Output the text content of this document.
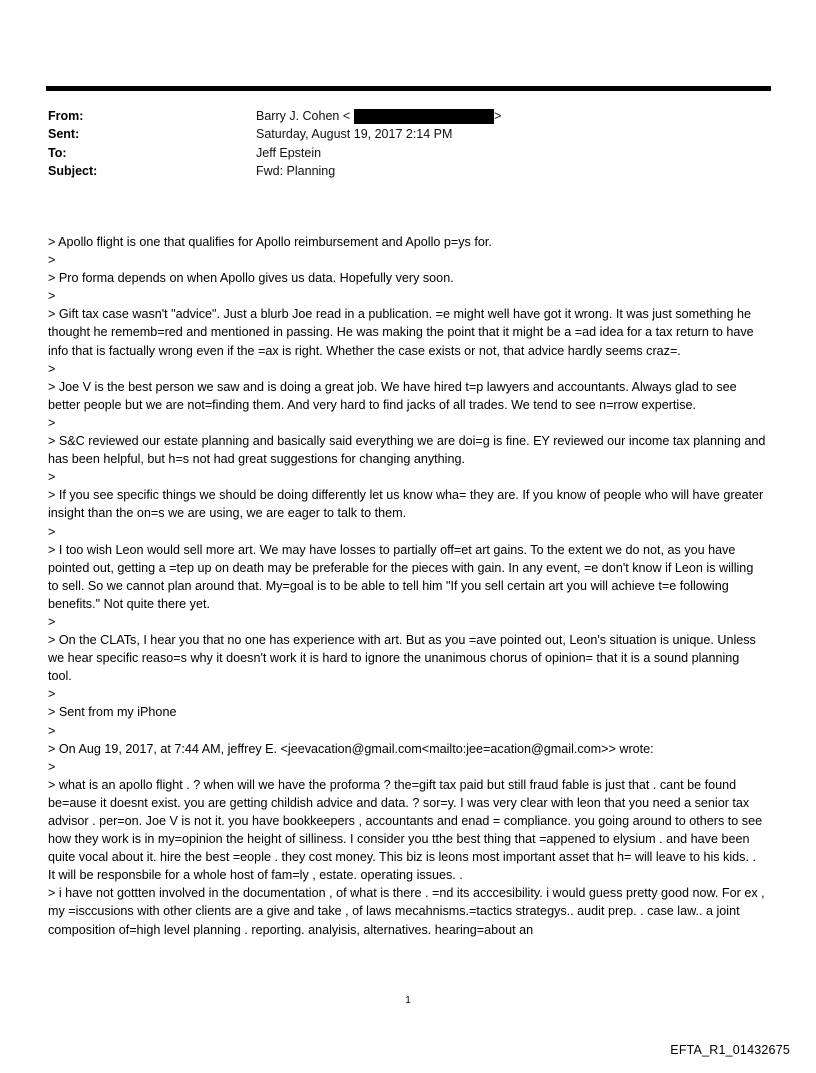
From:	Barry J. Cohen
<	>
Sent:	Saturday, August 19, 2017 2:14 PM
To:	Jeff Epstein
Subject:	Fwd: Planning

> Apollo flight is one that qualifies for Apollo reimbursement and Apollo p=ys for.

>

> Pro forma depends on when Apollo gives us data. Hopefully very soon.

>

> Gift tax case wasn't "advice". Just a blurb Joe read in a publication. =e might well have got it wrong. It was just something he thought he rememb=red and mentioned in passing. He was making the point that it might be a =ad idea for a tax return to have info that is factually wrong even if the =ax is right. Whether the case exists or not, that advice hardly seems craz=.

>

> Joe V is the best person we saw and is doing a great job. We have hired t=p lawyers and accountants. Always glad to see better people but we are not=finding them. And very hard to find jacks of all trades. We tend to see n=rrow expertise.

>

> S&C reviewed our estate planning and basically said everything we are doi=g is fine. EY reviewed our income tax planning and has been helpful, but h=s not had great suggestions for changing anything.

>

> If you see specific things we should be doing differently let us know wha= they are. If you know of people who will have greater insight than the on=s we are using, we are eager to talk to them.

>

> I too wish Leon would sell more art. We may have losses to partially off=et art gains. To the extent we do not, as you have pointed out, getting a =tep up on death may be preferable for the pieces with gain. In any event, =e don't know if Leon is willing to sell. So we cannot plan around that. My=goal is to be able to tell him "If you sell certain art you will achieve t=e following benefits." Not quite there yet.

>

> On the CLATs, I hear you that no one has experience with art. But as you =ave pointed out, Leon's situation is unique. Unless we hear specific reaso=s why it doesn't work it is hard to ignore the unanimous chorus of opinion= that it is a sound planning tool.

>

> Sent from my iPhone

>

> On Aug 19, 2017, at 7:44 AM, jeffrey E. <jeevacation@gmail.com<mailto:jee=acation@gmail.com>> wrote:

>

> what is an apollo flight . ? when will we have the proforma ? the=gift tax paid but still fraud fable is just that . cant be found be=ause it doesnt exist. you are getting childish advice and data. ? sor=y. I was very clear with leon that you need a senior tax advisor . per=on. Joe V is not it. you have bookkeepers , accountants and enad = compliance. you going around to others to see how they work is in my=opinion the height of silliness. I consider you tthe best thing that =appened to elysium . and have been quite vocal about it. hire the best =eople . they cost money. This biz is leons most important asset that h= will leave to his kids. . It will be responsbile for a whole host of fam=ly , estate. operating issues. .

> i have not gottten involved in the documentation , of what is there . =nd its acccesibility. i would guess pretty good now. For ex , my =isccusions with other clients are a give and take , of laws mecahnisms.=tactics strategys.. audit prep. . case law.. a joint composition of=high level planning . reporting. analyisis, alternatives. hearing=about an

1
EFTA_R1_01432675
